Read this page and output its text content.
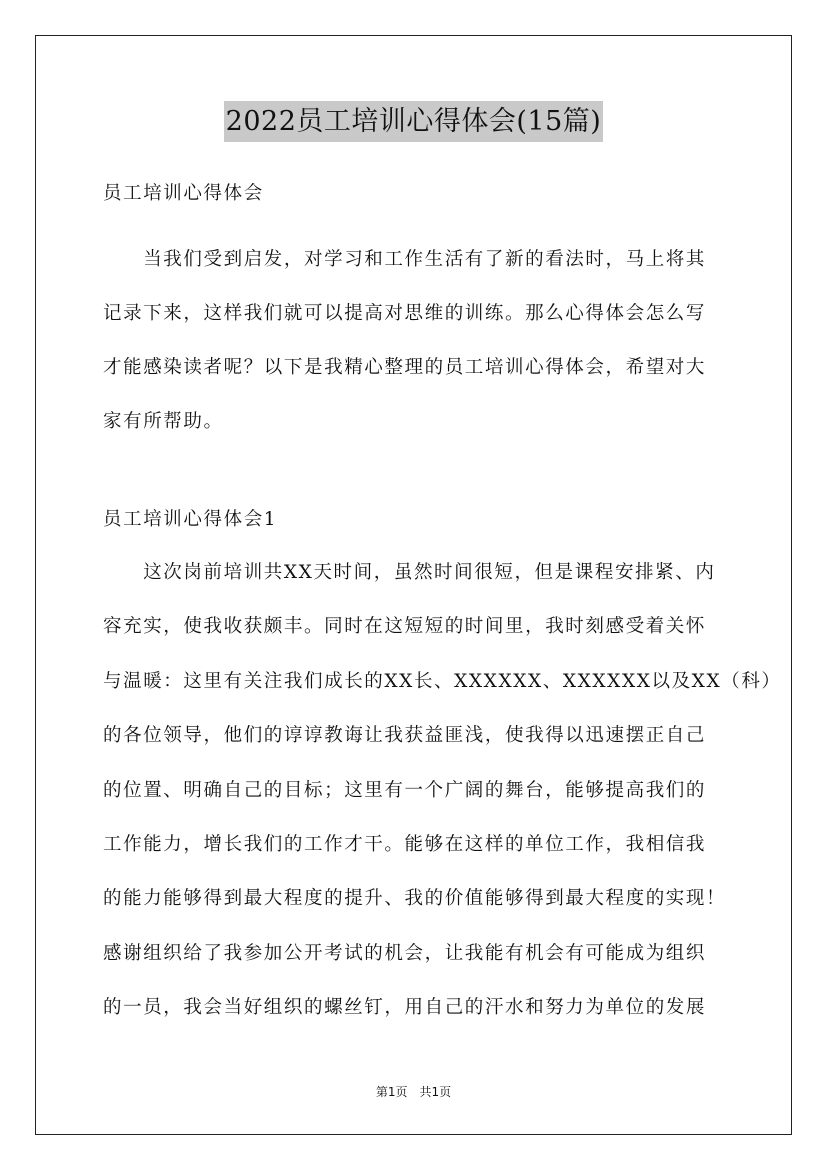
2022员工培训心得体会(15篇)
员工培训心得体会

　　当我们受到启发，对学习和工作生活有了新的看法时，马上将其

记录下来，这样我们就可以提高对思维的训练。那么心得体会怎么写

才能感染读者呢？以下是我精心整理的员工培训心得体会，希望对大

家有所帮助。

员工培训心得体会1

　　这次岗前培训共XX天时间，虽然时间很短，但是课程安排紧、内

容充实，使我收获颇丰。同时在这短短的时间里，我时刻感受着关怀

与温暖：这里有关注我们成长的XX长、XXXXXX、XXXXXX以及XX（科）

的各位领导，他们的谆谆教诲让我获益匪浅，使我得以迅速摆正自己

的位置、明确自己的目标；这里有一个广阔的舞台，能够提高我们的

工作能力，增长我们的工作才干。能够在这样的单位工作，我相信我

的能力能够得到最大程度的提升、我的价值能够得到最大程度的实现！

感谢组织给了我参加公开考试的机会，让我能有机会有可能成为组织

的一员，我会当好组织的螺丝钉，用自己的汗水和努力为单位的发展

第1页　共1页
